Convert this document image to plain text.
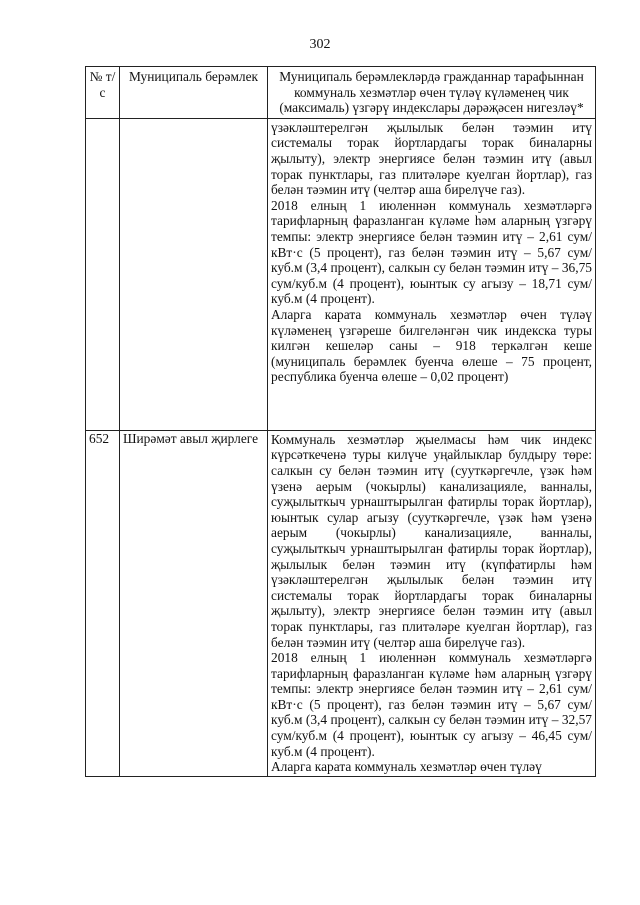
302
№ т/с	Муниципаль берәмлек	Муниципаль берәмлекләрдә гражданнар тарафыннан коммуналь хезмәтләр өчен түләү күләменең чик (максималь) үзгәрү индекслары дәрәҗәсен нигезләү*

		үзәкләштерелгән җылылык белән тәэмин итү системалы торак йортлардагы торак биналарны җылыту), электр энергиясе белән тәэмин итү (авыл торак пунктлары, газ плитәләре куелган йортлар), газ белән тәэмин итү (челтәр аша бирелүче газ).

2018 елның 1 июленнән коммуналь хезмәтләргә тарифларның фаразланган күләме һәм аларның үзгәрү темпы: электр энергиясе белән тәэмин итү – 2,61 сум/кВт·с (5 процент), газ белән тәэмин итү – 5,67 сум/куб.м (3,4 процент), салкын су белән тәэмин итү – 36,75 сум/куб.м (4 процент), юынтык су агызу – 18,71 сум/куб.м (4 процент).

Аларга карата коммуналь хезмәтләр өчен түләү күләменең үзгәреше билгеләнгән чик индекска туры килгән кешеләр саны – 918 теркәлгән кеше (муниципаль берәмлек буенча өлеше – 75 процент, республика буенча өлеше – 0,02 процент)

652	Ширәмәт авыл җирлеге	Коммуналь хезмәтләр җыелмасы һәм чик индекс күрсәткеченә туры килүче уңайлыклар булдыру төре: салкын су белән тәэмин итү (сууткәргечле, үзәк һәм үзенә аерым (чокырлы) канализацияле, ванналы, суҗылыткыч урнаштырылган фатирлы торак йортлар), юынтык сулар агызу (сууткәргечле, үзәк һәм үзенә аерым (чокырлы) канализацияле, ванналы, суҗылыткыч урнаштырылган фатирлы торак йортлар), җылылык белән тәэмин итү (күпфатирлы һәм үзәкләштерелгән җылылык белән тәэмин итү системалы торак йортлардагы торак биналарны җылыту), электр энергиясе белән тәэмин итү (авыл торак пунктлары, газ плитәләре куелган йортлар), газ белән тәэмин итү (челтәр аша бирелүче газ).

2018 елның 1 июленнән коммуналь хезмәтләргә тарифларның фаразланган күләме һәм аларның үзгәрү темпы: электр энергиясе белән тәэмин итү – 2,61 сум/кВт·с (5 процент), газ белән тәэмин итү – 5,67 сум/куб.м (3,4 процент), салкын су белән тәэмин итү – 32,57 сум/куб.м (4 процент), юынтык су агызу – 46,45 сум/куб.м (4 процент).

Аларга карата коммуналь хезмәтләр өчен түләү
